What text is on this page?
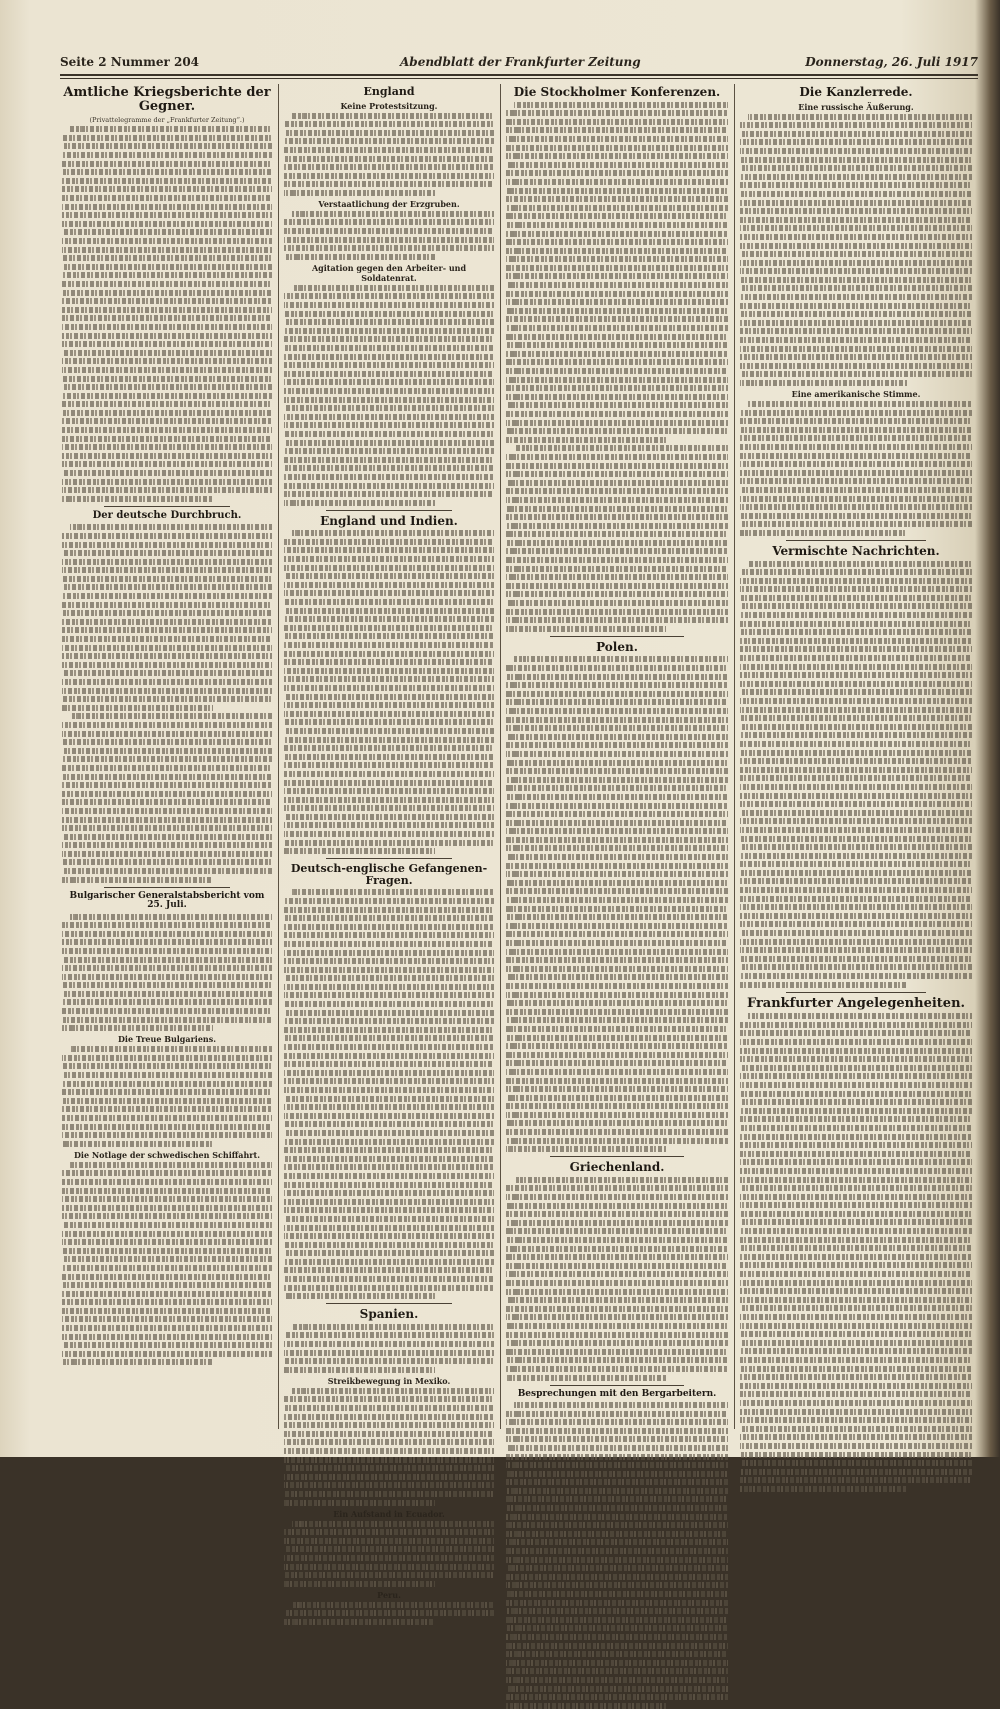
Seite 2 Nummer 204	Abendblatt der Frankfurter Zeitung	Donnerstag, 26. Juli 1917
Amtliche Kriegsberichte der Gegner.
(Privattelegramme der „Frankfurter Zeitung“.)
Der deutsche Durchbruch.
Bulgarischer Generalstabsbericht vom 25. Juli.
Die Treue Bulgariens.
Die Notlage der schwedischen Schiffahrt.
England
Keine Protestsitzung.
Verstaatlichung der Erzgruben.
Agitation gegen den Arbeiter- und Soldatenrat.
England und Indien.
Deutsch-englische Gefangenen-Fragen.
Spanien.
Streikbewegung in Mexiko.
Ein Aufstand in Ecuador.
Peru.
Die Stockholmer Konferenzen.
Polen.
Griechenland.
Besprechungen mit den Bergarbeitern.
Die Kanzlerrede.
Eine russische Äußerung.
Eine amerikanische Stimme.
Vermischte Nachrichten.
Frankfurter Angelegenheiten.
